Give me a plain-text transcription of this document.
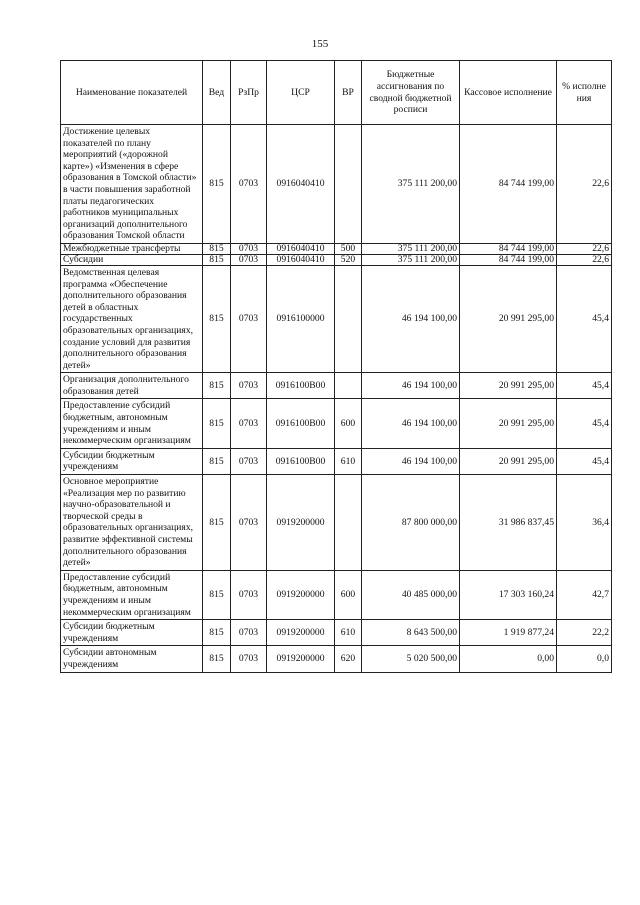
155
Наименование показателей	Вед	РзПр	ЦСР	ВР	Бюджетные ассигнования по сводной бюджетной росписи	Кассовое исполнение	% исполне ния
Достижение целевых показателей по плану мероприятий («дорожной карте») «Изменения в сфере образования в Томской области» в части повышения заработной платы педагогических работников муниципальных организаций дополнительного образования Томской области	815	0703	0916040410		375 111 200,00	84 744 199,00	22,6
Межбюджетные трансферты	815	0703	0916040410	500	375 111 200,00	84 744 199,00	22,6
Субсидии	815	0703	0916040410	520	375 111 200,00	84 744 199,00	22,6
Ведомственная целевая программа «Обеспечение дополнительного образования детей в областных государственных образовательных организациях, создание условий для развития дополнительного образования детей»	815	0703	0916100000		46 194 100,00	20 991 295,00	45,4
Организация дополнительного образования детей	815	0703	0916100В00		46 194 100,00	20 991 295,00	45,4
Предоставление субсидий бюджетным, автономным учреждениям и иным некоммерческим организациям	815	0703	0916100В00	600	46 194 100,00	20 991 295,00	45,4
Субсидии бюджетным учреждениям	815	0703	0916100В00	610	46 194 100,00	20 991 295,00	45,4
Основное мероприятие «Реализация мер по развитию научно-образовательной и творческой среды в образовательных организациях, развитие эффективной системы дополнительного образования детей»	815	0703	0919200000		87 800 000,00	31 986 837,45	36,4
Предоставление субсидий бюджетным, автономным учреждениям и иным некоммерческим организациям	815	0703	0919200000	600	40 485 000,00	17 303 160,24	42,7
Субсидии бюджетным учреждениям	815	0703	0919200000	610	8 643 500,00	1 919 877,24	22,2
Субсидии автономным учреждениям	815	0703	0919200000	620	5 020 500,00	0,00	0,0
